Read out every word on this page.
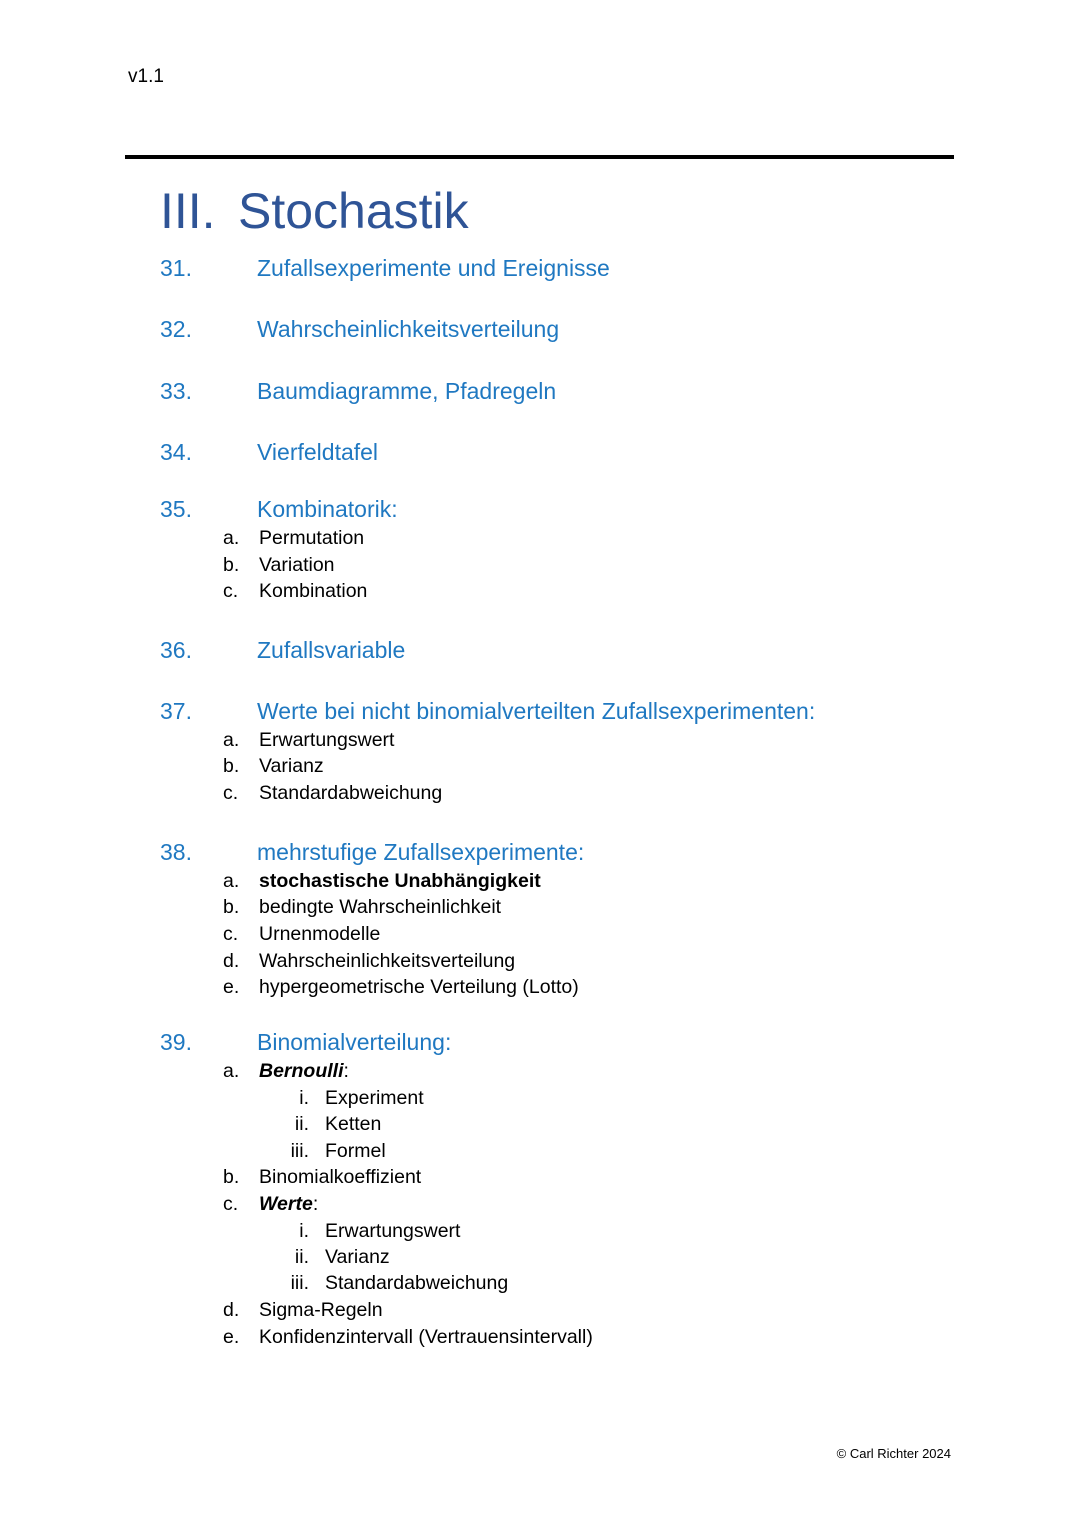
v1.1
III. Stochastik
31.	Zufallsexperimente und Ereignisse
32.	Wahrscheinlichkeitsverteilung
33.	Baumdiagramme, Pfadregeln
34.	Vierfeldtafel
35.	Kombinatorik:
a. Permutation
b. Variation
c. Kombination
36.	Zufallsvariable
37.	Werte bei nicht binomialverteilten Zufallsexperimenten:
a. Erwartungswert
b. Varianz
c. Standardabweichung
38.	mehrstufige Zufallsexperimente:
a. stochastische Unabhängigkeit
b. bedingte Wahrscheinlichkeit
c. Urnenmodelle
d. Wahrscheinlichkeitsverteilung
e. hypergeometrische Verteilung (Lotto)
39.	Binomialverteilung:
a. Bernoulli:
i. Experiment
ii. Ketten
iii. Formel
b. Binomialkoeffizient
c. Werte:
i. Erwartungswert
ii. Varianz
iii. Standardabweichung
d. Sigma-Regeln
e. Konfidenzintervall (Vertrauensintervall)
© Carl Richter 2024
